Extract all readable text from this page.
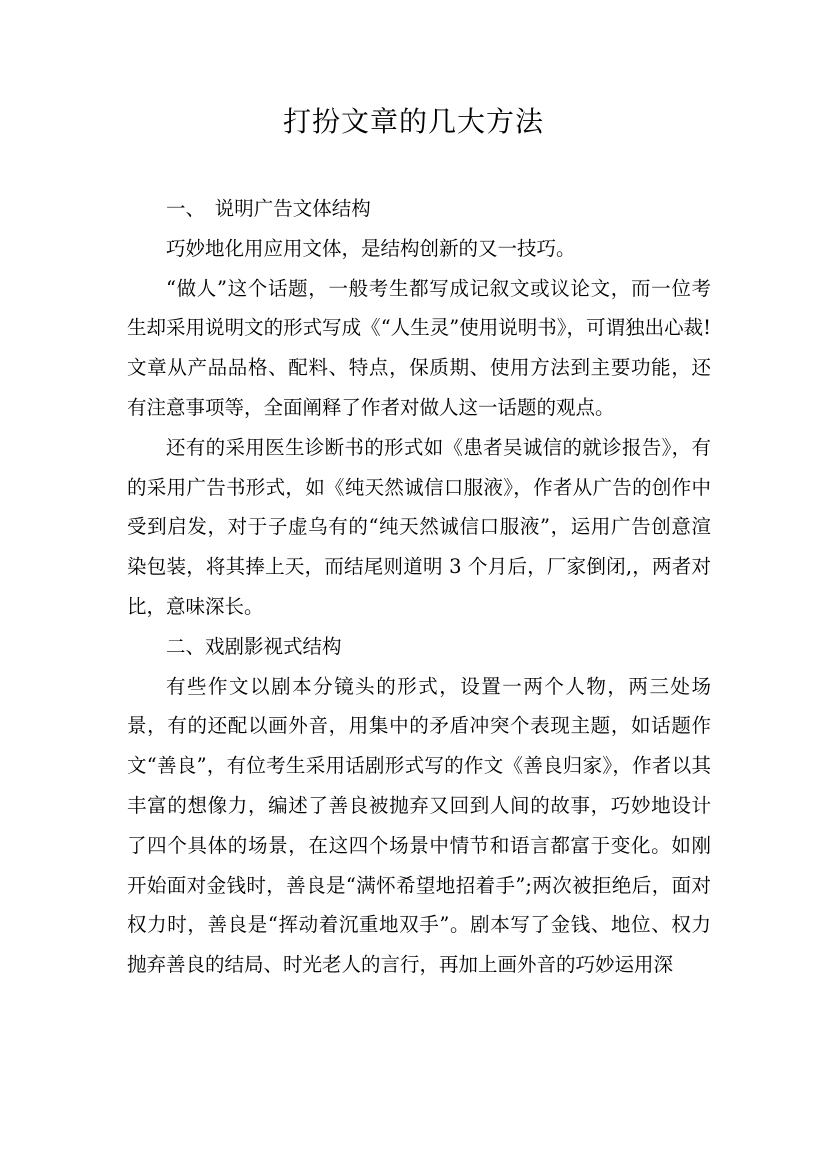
打扮文章的几大方法

一、　说明广告文体结构

巧妙地化用应用文体，是结构创新的又一技巧。

“做人”这个话题，一般考生都写成记叙文或议论文，而一位考生却采用说明文的形式写成《“人生灵”使用说明书》，可谓独出心裁!文章从产品品格、配料、特点，保质期、使用方法到主要功能，还有注意事项等，全面阐释了作者对做人这一话题的观点。

还有的采用医生诊断书的形式如《患者吴诚信的就诊报告》，有的采用广告书形式，如《纯天然诚信口服液》，作者从广告的创作中受到启发，对于子虚乌有的“纯天然诚信口服液”，运用广告创意渲染包装，将其捧上天，而结尾则道明 3 个月后，厂家倒闭,，两者对比，意味深长。

二、戏剧影视式结构

有些作文以剧本分镜头的形式，设置一两个人物，两三处场景，有的还配以画外音，用集中的矛盾冲突个表现主题，如话题作文“善良”，有位考生采用话剧形式写的作文《善良归家》，作者以其丰富的想像力，编述了善良被抛弃又回到人间的故事，巧妙地设计了四个具体的场景，在这四个场景中情节和语言都富于变化。如刚开始面对金钱时，善良是“满怀希望地招着手”;两次被拒绝后，面对权力时，善良是“挥动着沉重地双手”。剧本写了金钱、地位、权力抛弃善良的结局、时光老人的言行，再加上画外音的巧妙运用深
